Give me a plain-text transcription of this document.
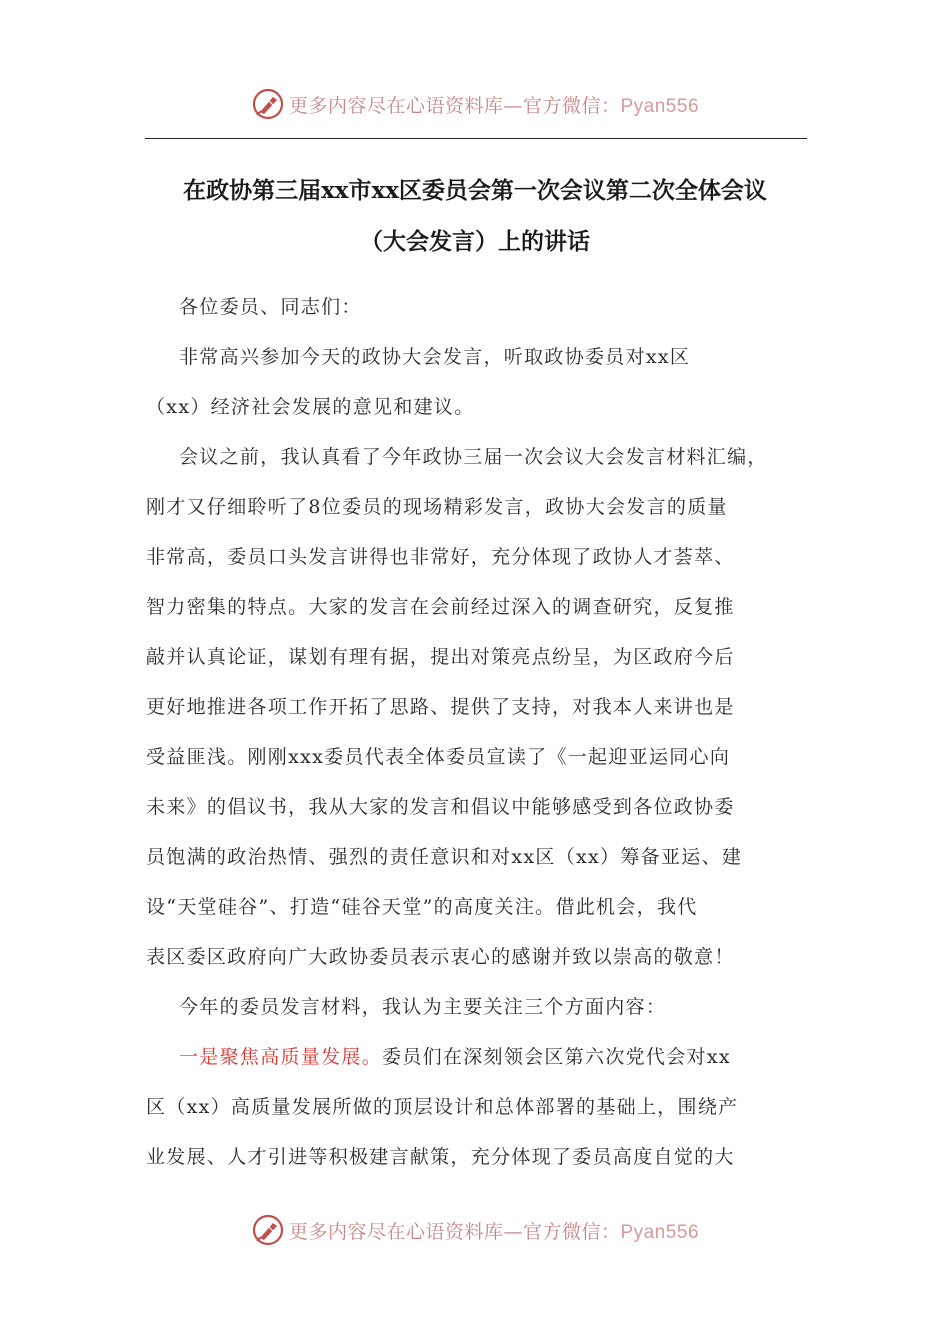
更多内容尽在心语资料库—官方微信：Pyan556
在政协第三届xx市xx区委员会第一次会议第二次全体会议
（大会发言）上的讲话
各位委员、同志们：
非常高兴参加今天的政协大会发言，听取政协委员对xx区
（xx）经济社会发展的意见和建议。
会议之前，我认真看了今年政协三届一次会议大会发言材料汇编，
刚才又仔细聆听了8位委员的现场精彩发言，政协大会发言的质量
非常高，委员口头发言讲得也非常好，充分体现了政协人才荟萃、
智力密集的特点。大家的发言在会前经过深入的调查研究，反复推
敲并认真论证，谋划有理有据，提出对策亮点纷呈，为区政府今后
更好地推进各项工作开拓了思路、提供了支持，对我本人来讲也是
受益匪浅。刚刚xxx委员代表全体委员宣读了《一起迎亚运同心向
未来》的倡议书，我从大家的发言和倡议中能够感受到各位政协委
员饱满的政治热情、强烈的责任意识和对xx区（xx）筹备亚运、建
设“天堂硅谷”、打造“硅谷天堂”的高度关注。借此机会，我代
表区委区政府向广大政协委员表示衷心的感谢并致以崇高的敬意！
今年的委员发言材料，我认为主要关注三个方面内容：
一是聚焦高质量发展。委员们在深刻领会区第六次党代会对xx
区（xx）高质量发展所做的顶层设计和总体部署的基础上，围绕产
业发展、人才引进等积极建言献策，充分体现了委员高度自觉的大
更多内容尽在心语资料库—官方微信：Pyan556
